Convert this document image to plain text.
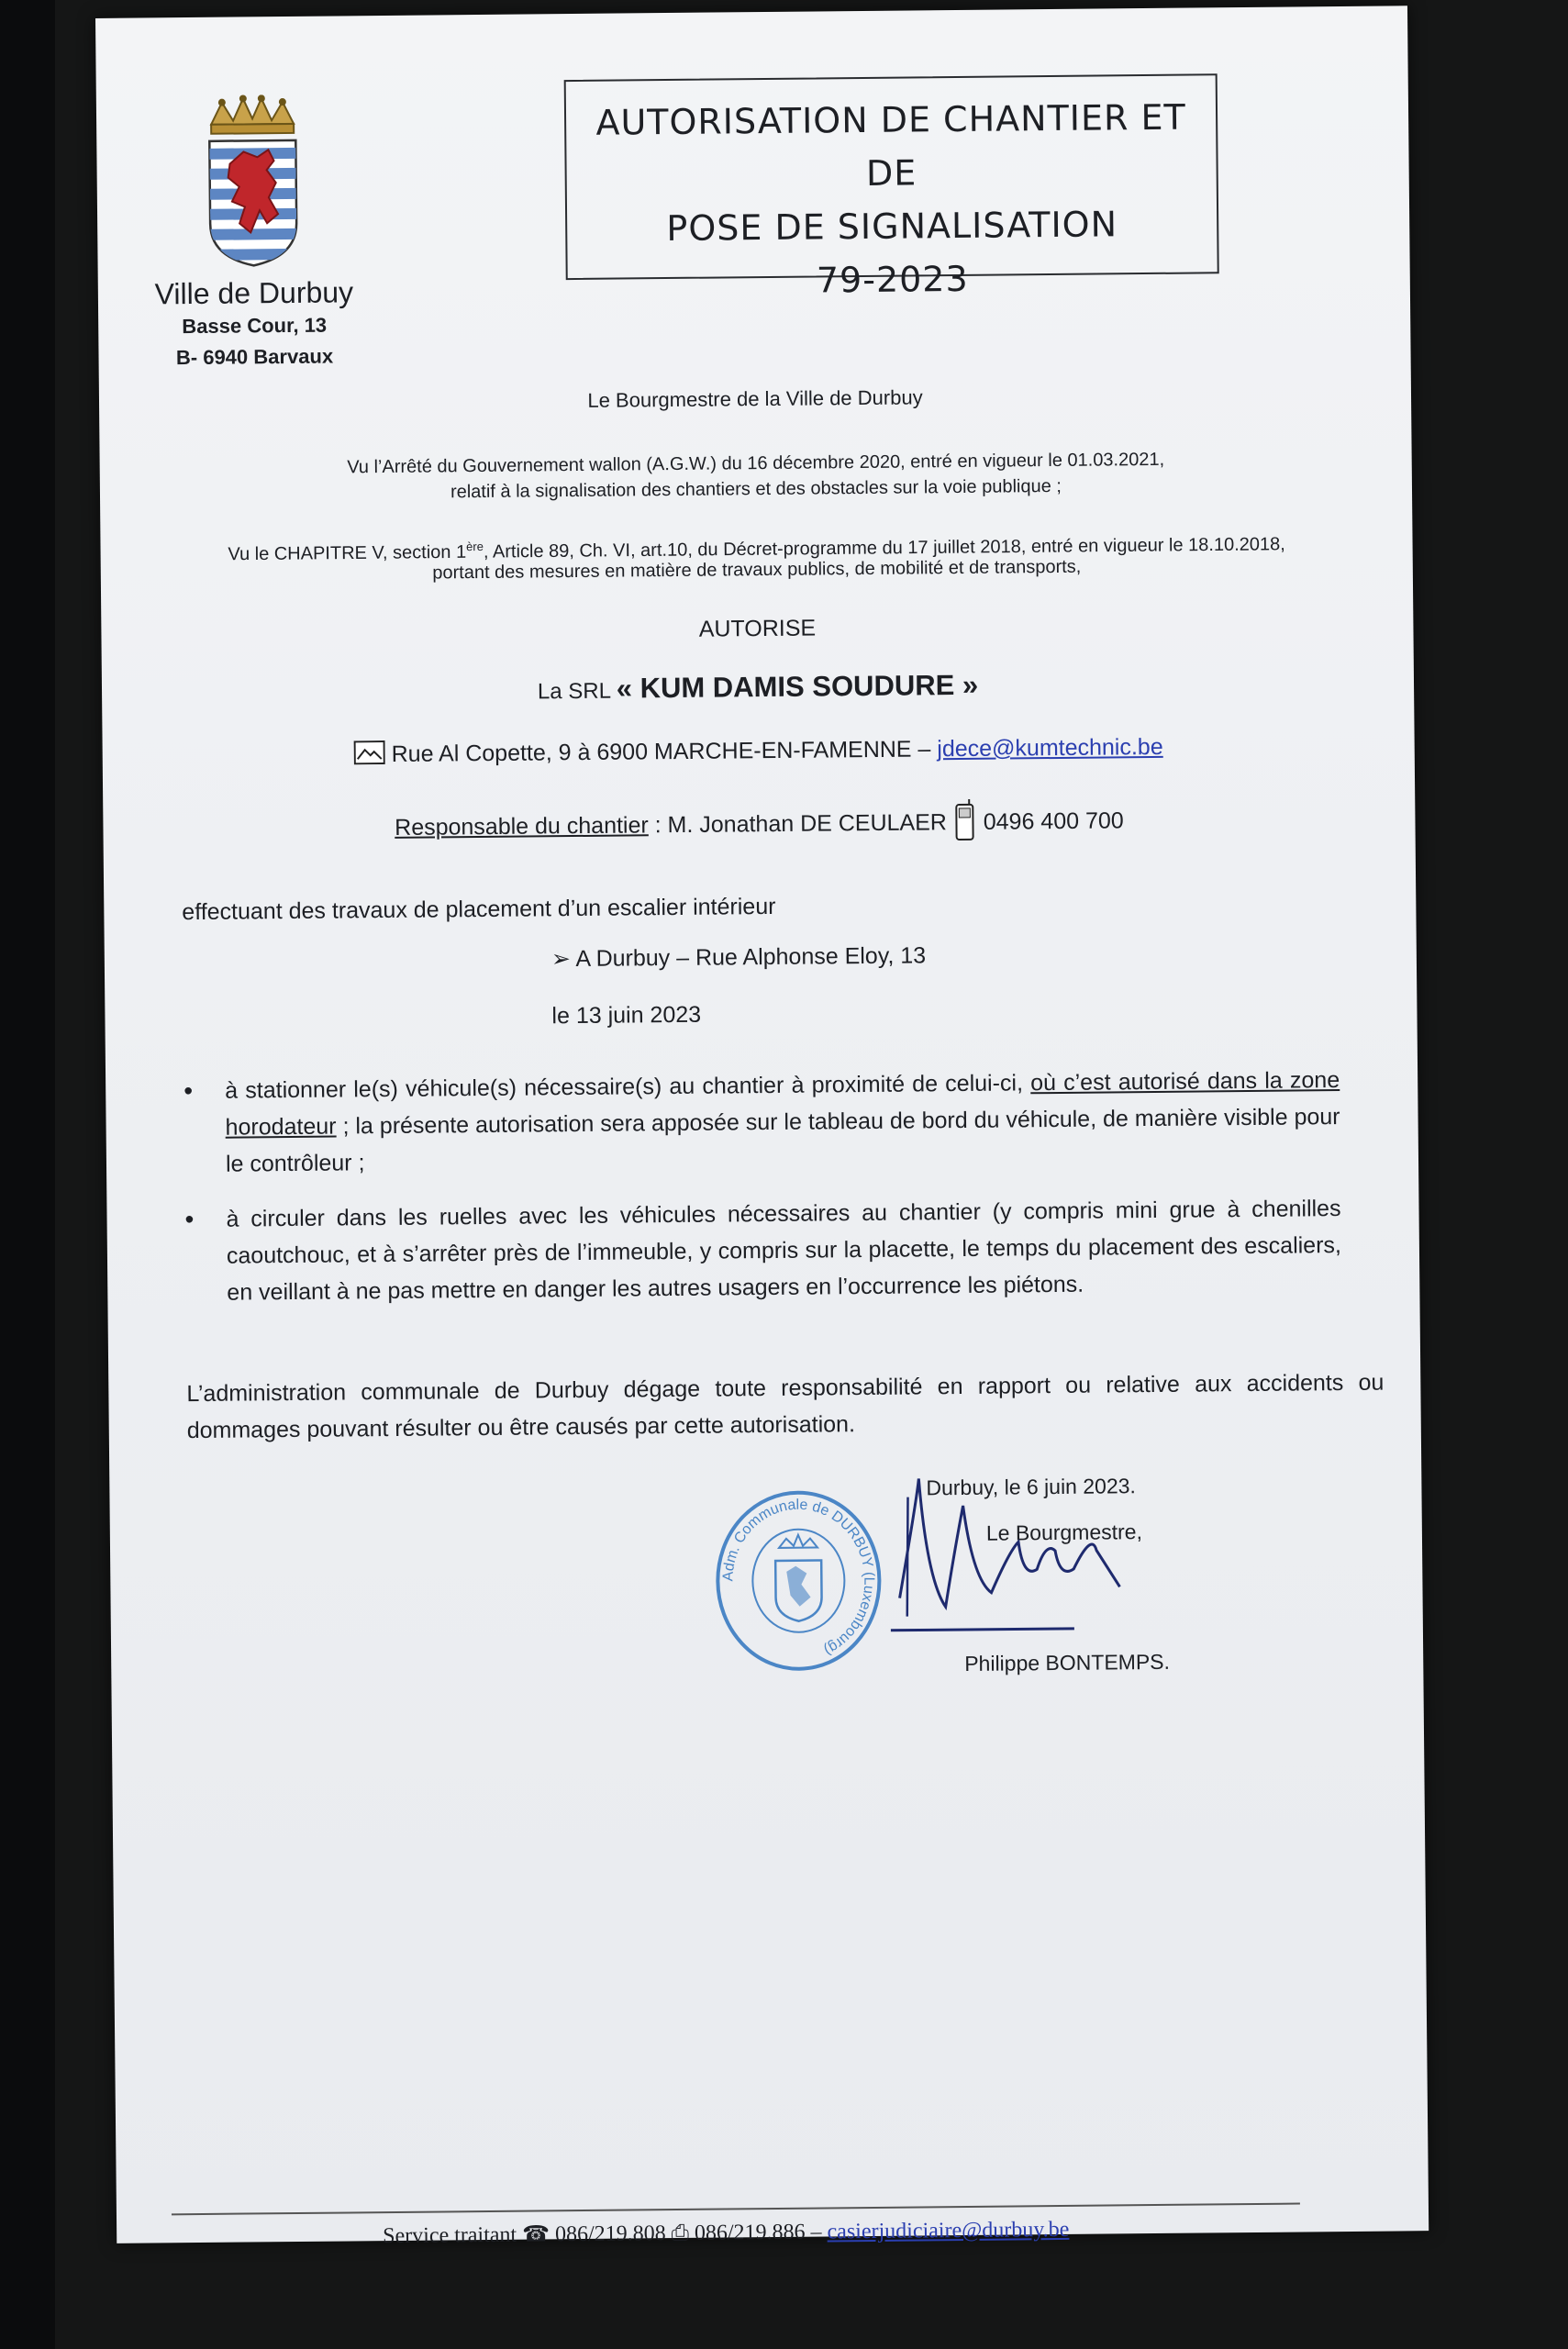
Ville de Durbuy
Basse Cour, 13
B- 6940 Barvaux
AUTORISATION DE CHANTIER ET DE
POSE DE SIGNALISATION
79-2023
Le Bourgmestre de la Ville de Durbuy
Vu l’Arrêté du Gouvernement wallon (A.G.W.) du 16 décembre 2020, entré en vigueur le 01.03.2021,
relatif à la signalisation des chantiers et des obstacles sur la voie publique ;
Vu le CHAPITRE V, section 1ère, Article 89, Ch. VI, art.10, du Décret-programme du 17 juillet 2018, entré en vigueur le 18.10.2018,
portant des mesures en matière de travaux publics, de mobilité et de transports,
AUTORISE
La SRL « KUM DAMIS SOUDURE »
Rue Al Copette, 9 à 6900 MARCHE-EN-FAMENNE – jdece@kumtechnic.be
Responsable du chantier : M. Jonathan DE CEULAER 0496 400 700
effectuant des travaux de placement d’un escalier intérieur
➢ A Durbuy – Rue Alphonse Eloy, 13
le 13 juin 2023
• à stationner le(s) véhicule(s) nécessaire(s) au chantier à proximité de celui-ci, où c’est autorisé dans la zone horodateur ; la présente autorisation sera apposée sur le tableau de bord du véhicule, de manière visible pour le contrôleur ;
• à circuler dans les ruelles avec les véhicules nécessaires au chantier (y compris mini grue à chenilles caoutchouc, et à s’arrêter près de l’immeuble, y compris sur la placette, le temps du placement des escaliers, en veillant à ne pas mettre en danger les autres usagers en l’occurrence les piétons.
L’administration communale de Durbuy dégage toute responsabilité en rapport ou relative aux accidents ou dommages pouvant résulter ou être causés par cette autorisation.
Durbuy, le 6 juin 2023.
Le Bourgmestre,
Philippe BONTEMPS.
Adm. Communale de DURBUY (Luxembourg)
Service traitant ☎ 086/219.808 ⎙ 086/219.886 – casierjudiciaire@durbuy.be
